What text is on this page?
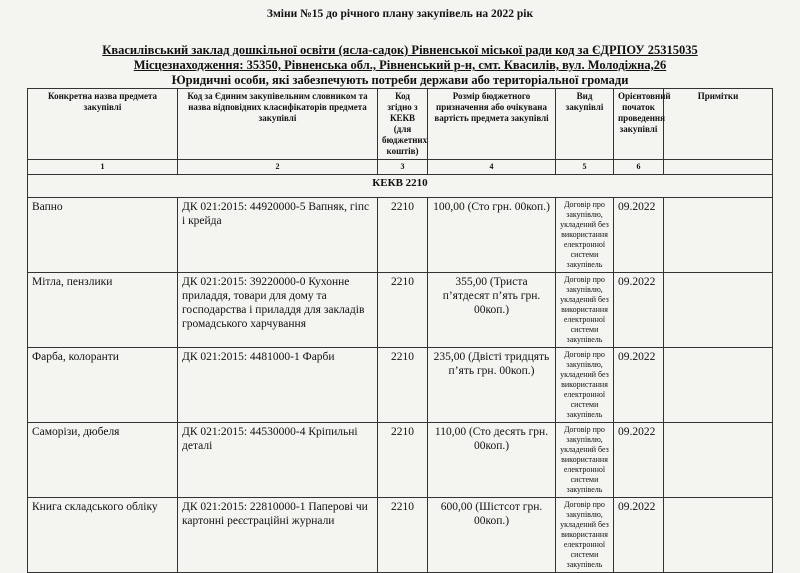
Зміни №15 до річного плану закупівель на 2022 рік
Квасилівський заклад дошкільної освіти (ясла-садок) Рівненської міської ради код за ЄДРПОУ 25315035
Місцезнаходження: 35350, Рівненська обл., Рівненський р-н, смт. Квасилів, вул. Молодіжна,26
Юридичні особи, які забезпечують потреби держави або територіальної громади
Конкретна назва предмета закупівлі	Код за Єдиним закупівельним словником та назва відповідних класифікаторів предмета закупівлі	Код згідно з КЕКВ (для бюджетних коштів)	Розмір бюджетного призначення або очікувана вартість предмета закупівлі	Вид закупівлі	Орієнтовний початок проведення закупівлі	Примітки
1	2	3	4	5	6	
КЕКВ 2210						
Вапно	ДК 021:2015: 44920000-5 Вапняк, гіпс і крейда	2210	100,00 (Сто грн. 00коп.)	Договір про закупівлю, укладений без використання електронної системи закупівель	09.2022	
Мітла, пензлики	ДК 021:2015: 39220000-0 Кухонне приладдя, товари для дому та господарства і приладдя для закладів громадського харчування	2210	355,00 (Триста п’ятдесят п’ять грн. 00коп.)	Договір про закупівлю, укладений без використання електронної системи закупівель	09.2022	
Фарба, колоранти	ДК 021:2015: 4481000-1 Фарби	2210	235,00 (Двісті тридцять п’ять грн. 00коп.)	Договір про закупівлю, укладений без використання електронної системи закупівель	09.2022	
Саморізи, дюбеля	ДК 021:2015: 44530000-4 Кріпильні деталі	2210	110,00 (Сто десять грн. 00коп.)	Договір про закупівлю, укладений без використання електронної системи закупівель	09.2022	
Книга складського обліку	ДК 021:2015: 22810000-1 Паперові чи картонні реєстраційні журнали	2210	600,00 (Шістсот грн. 00коп.)	Договір про закупівлю, укладений без використання електронної системи закупівель	09.2022	
